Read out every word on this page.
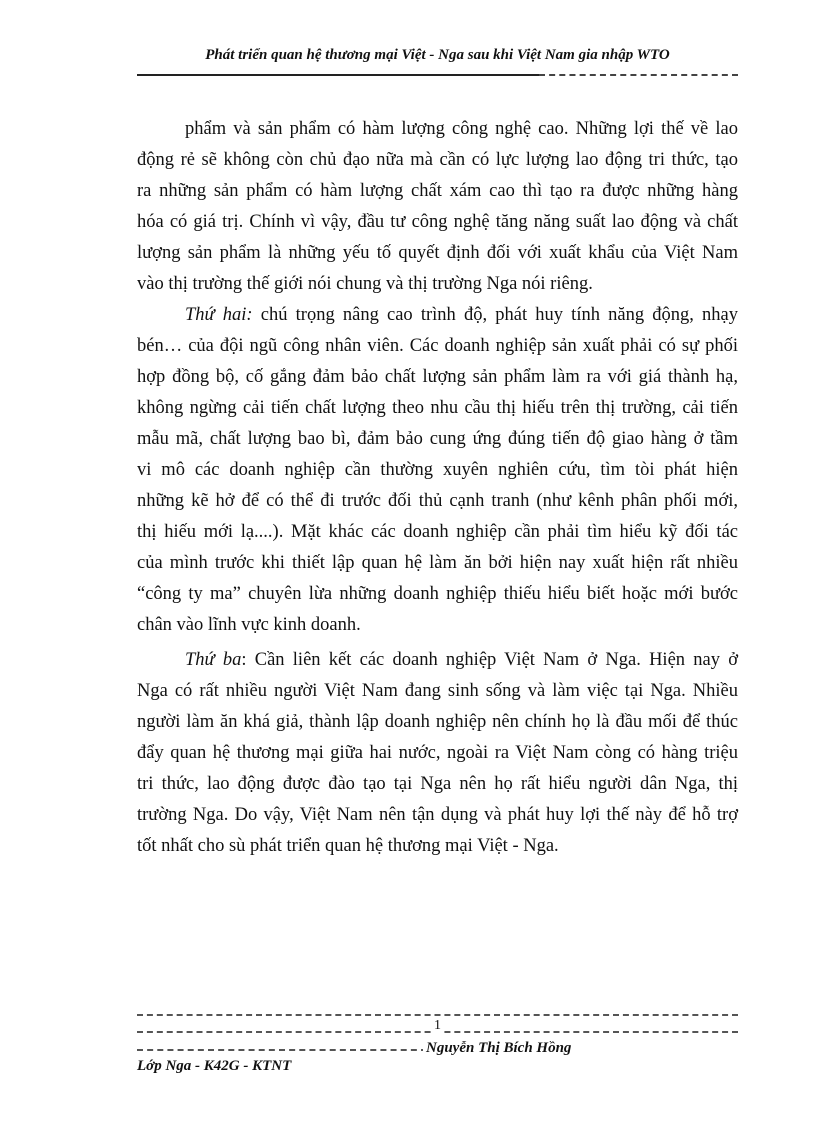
Phát triển quan hệ thương mại Việt - Nga sau khi Việt Nam gia nhập WTO
phẩm và sản phẩm có hàm lượng công nghệ cao. Những lợi thế về lao
động rẻ sẽ không còn chủ đạo nữa mà cần có lực lượng lao động tri thức, tạo
ra những sản phẩm có hàm lượng chất xám cao thì tạo ra được những hàng
hóa có giá trị. Chính vì vậy, đầu tư công nghệ tăng năng suất lao động và chất
lượng sản phẩm là những yếu tố quyết định đối với xuất khẩu của Việt Nam
vào thị trường thế giới nói chung và thị trường Nga nói riêng.
Thứ hai: chú trọng nâng cao trình độ, phát huy tính năng động, nhạy
bén… của đội ngũ công nhân viên. Các doanh nghiệp sản xuất phải có sự phối
hợp đồng bộ, cố gắng đảm bảo chất lượng sản phẩm làm ra với giá thành hạ,
không ngừng cải tiến chất lượng theo nhu cầu thị hiếu trên thị trường, cải tiến
mẫu mã, chất lượng bao bì, đảm bảo cung ứng đúng tiến độ giao hàng ở tầm
vi mô các doanh nghiệp cần thường xuyên nghiên cứu, tìm tòi phát hiện
những kẽ hở để có thể đi trước đối thủ cạnh tranh (như kênh phân phối mới,
thị hiếu mới lạ....). Mặt khác các doanh nghiệp cần phải tìm hiểu kỹ đối tác
của mình trước khi thiết lập quan hệ làm ăn bởi hiện nay xuất hiện rất nhiều
“công ty ma” chuyên lừa những doanh nghiệp thiếu hiểu biết hoặc mới bước
chân vào lĩnh vực kinh doanh.
Thứ ba: Cần liên kết các doanh nghiệp Việt Nam ở Nga. Hiện nay ở
Nga có rất nhiều người Việt Nam đang sinh sống và làm việc tại Nga. Nhiều
người làm ăn khá giả, thành lập doanh nghiệp nên chính họ là đầu mối để thúc
đẩy quan hệ thương mại giữa hai nước, ngoài ra Việt Nam còng có hàng triệu
tri thức, lao động được đào tạo tại Nga nên họ rất hiểu người dân Nga, thị
trường Nga. Do vậy, Việt Nam nên tận dụng và phát huy lợi thế này để hỗ trợ
tốt nhất cho sù phát triển quan hệ thương mại Việt - Nga.
1
Nguyễn Thị Bích Hồng
Lớp Nga - K42G - KTNT
